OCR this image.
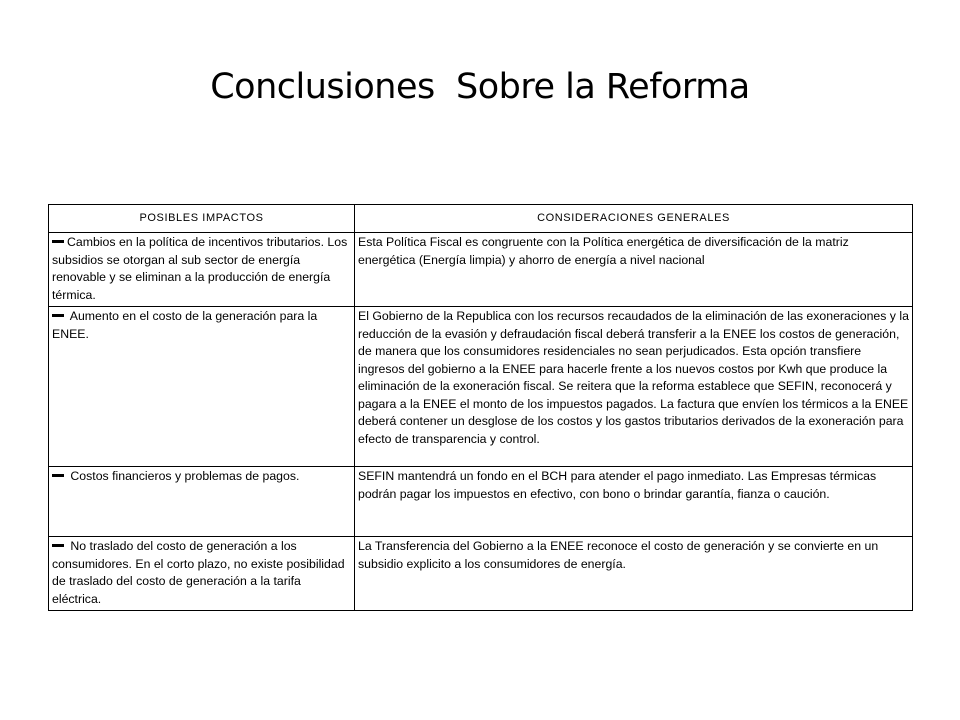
Conclusiones  Sobre la Reforma
POSIBLES IMPACTOS	CONSIDERACIONES GENERALES
Cambios en la política de incentivos tributarios. Los subsidios se otorgan al sub sector de energía renovable y se eliminan a la producción de energía térmica.	Esta Política Fiscal es congruente con la Política energética de diversificación de la matriz energética (Energía limpia) y ahorro de energía a nivel nacional
Aumento en el costo de la generación para la ENEE.	El Gobierno de la Republica con los recursos recaudados de la eliminación de las exoneraciones y la reducción de la evasión y defraudación fiscal deberá transferir a la ENEE los costos de generación, de manera que los consumidores residenciales no sean perjudicados. Esta opción transfiere ingresos del gobierno a la ENEE para hacerle frente a los nuevos costos por Kwh que produce la eliminación de la exoneración fiscal. Se reitera que la reforma establece que SEFIN, reconocerá y pagara a la ENEE el monto de los impuestos pagados. La factura que envíen los térmicos a la ENEE deberá contener un desglose de los costos y los gastos tributarios derivados de la exoneración para efecto de transparencia y control.
Costos financieros y problemas de pagos.	SEFIN mantendrá un fondo en el BCH para atender el pago inmediato. Las Empresas térmicas podrán pagar los impuestos en efectivo, con bono o brindar garantía, fianza o caución.
No traslado del costo de generación a los consumidores. En el corto plazo, no existe posibilidad de traslado del costo de generación a la tarifa eléctrica.	La Transferencia del Gobierno a la ENEE reconoce el costo de generación y se convierte en un subsidio explicito a los consumidores de energía.
